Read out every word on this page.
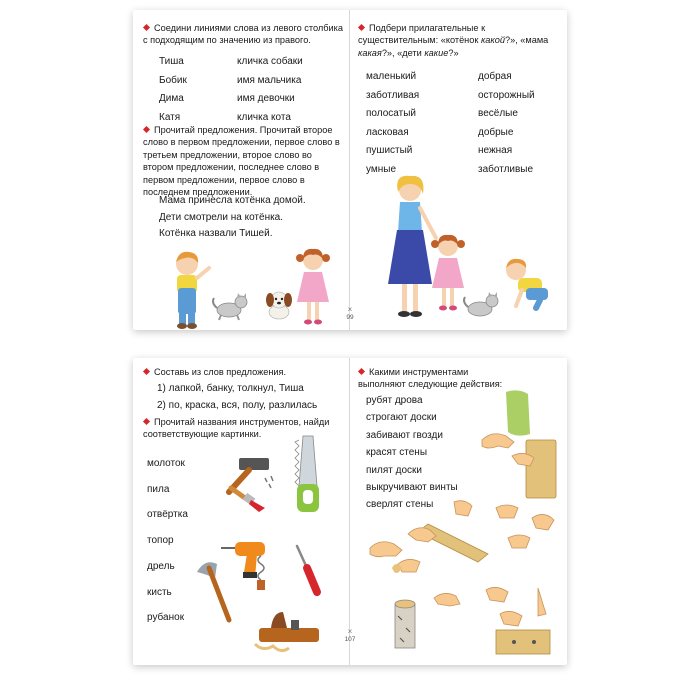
Соедини линиями слова из левого столбика с подходящим по значению из правого.
Тиша
Бобик
Дима
Катя
кличка собаки
имя мальчика
имя девочки
кличка кота
Прочитай предложения. Прочитай второе слово в первом предложении, первое слово в третьем предложении, второе слово во втором предложении, последнее слово в первом предложении, первое слово в последнем предложении.
Мама принесла котёнка домой.
Дети смотрели на котёнка.
Котёнка назвали Тишей.
×
99
Подбери прилагательные к существительным: «котёнок какой?», «мама какая?», «дети какие?»
маленький
заботливая
полосатый
ласковая
пушистый
умные
добрая
осторожный
весёлые
добрые
нежная
заботливые
Составь из слов предложения.
1) лапкой, банку, толкнул, Тиша
2) по, краска, вся, полу, разлилась
Прочитай названия инструментов, найди соответствующие картинки.
молоток
пила
отвёртка
топор
дрель
кисть
рубанок
×
107
Какими инструментами выполняют следующие действия:
рубят дрова
строгают доски
забивают гвозди
красят стены
пилят доски
выкручивают винты
сверлят стены
